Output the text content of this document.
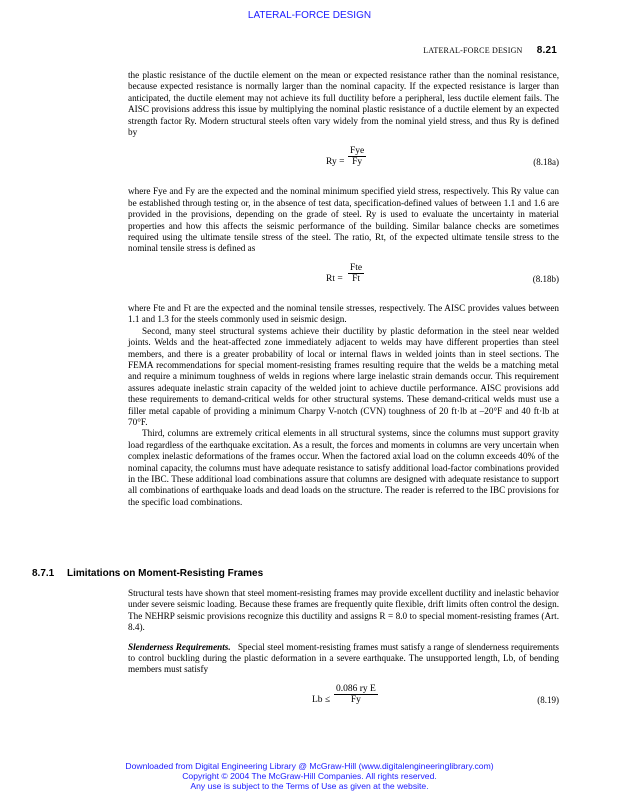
LATERAL-FORCE DESIGN
LATERAL-FORCE DESIGN 8.21

the plastic resistance of the ductile element on the mean or expected resistance rather than the nominal resistance, because expected resistance is normally larger than the nominal capacity. If the expected resistance is larger than anticipated, the ductile element may not achieve its full ductility before a peripheral, less ductile element fails. The AISC provisions address this issue by multiplying the nominal plastic resistance of a ductile element by an expected strength factor Ry. Modern structural steels often vary widely from the nominal yield stress, and thus Ry is defined by

Ry =
Fye
Fy	(8.18a)

where Fye and Fy are the expected and the nominal minimum specified yield stress, respectively. This Ry value can be established through testing or, in the absence of test data, specification-defined values of between 1.1 and 1.6 are provided in the provisions, depending on the grade of steel. Ry is used to evaluate the uncertainty in material properties and how this affects the seismic performance of the building. Similar balance checks are sometimes required using the ultimate tensile stress of the steel. The ratio, Rt, of the expected ultimate tensile stress to the nominal tensile stress is defined as

Rt =
Fte
Ft	(8.18b)

where Fte and Ft are the expected and the nominal tensile stresses, respectively. The AISC provides values between 1.1 and 1.3 for the steels commonly used in seismic design.

Second, many steel structural systems achieve their ductility by plastic deformation in the steel near welded joints. Welds and the heat-affected zone immediately adjacent to welds may have different properties than steel members, and there is a greater probability of local or internal flaws in welded joints than in steel sections. The FEMA recommendations for special moment-resisting frames resulting require that the welds be a matching metal and require a minimum toughness of welds in regions where large inelastic strain demands occur. This requirement assures adequate inelastic strain capacity of the welded joint to achieve ductile performance. AISC provisions add these requirements to demand-critical welds for other structural systems. These demand-critical welds must use a filler metal capable of providing a minimum Charpy V-notch (CVN) toughness of 20 ft·lb at –20°F and 40 ft·lb at 70°F.

Third, columns are extremely critical elements in all structural systems, since the columns must support gravity load regardless of the earthquake excitation. As a result, the forces and moments in columns are very uncertain when complex inelastic deformations of the frames occur. When the factored axial load on the column exceeds 40% of the nominal capacity, the columns must have adequate resistance to satisfy additional load-factor combinations provided in the IBC. These additional load combinations assure that columns are designed with adequate resistance to support all combinations of earthquake loads and dead loads on the structure. The reader is referred to the IBC provisions for the specific load combinations.

8.7.1 Limitations on Moment-Resisting Frames

Structural tests have shown that steel moment-resisting frames may provide excellent ductility and inelastic behavior under severe seismic loading. Because these frames are frequently quite flexible, drift limits often control the design. The NEHRP seismic provisions recognize this ductility and assigns R = 8.0 to special moment-resisting frames (Art. 8.4).

Slenderness Requirements. Special steel moment-resisting frames must satisfy a range of slenderness requirements to control buckling during the plastic deformation in a severe earthquake. The unsupported length, Lb, of bending members must satisfy

$Lb \le \frac{\text{0.086 ry E}}{Fy}$	(8.19)
Downloaded from Digital Engineering Library @ McGraw-Hill (www.digitalengineeringlibrary.com)
Copyright © 2004 The McGraw-Hill Companies. All rights reserved.
Any use is subject to the Terms of Use as given at the website.
